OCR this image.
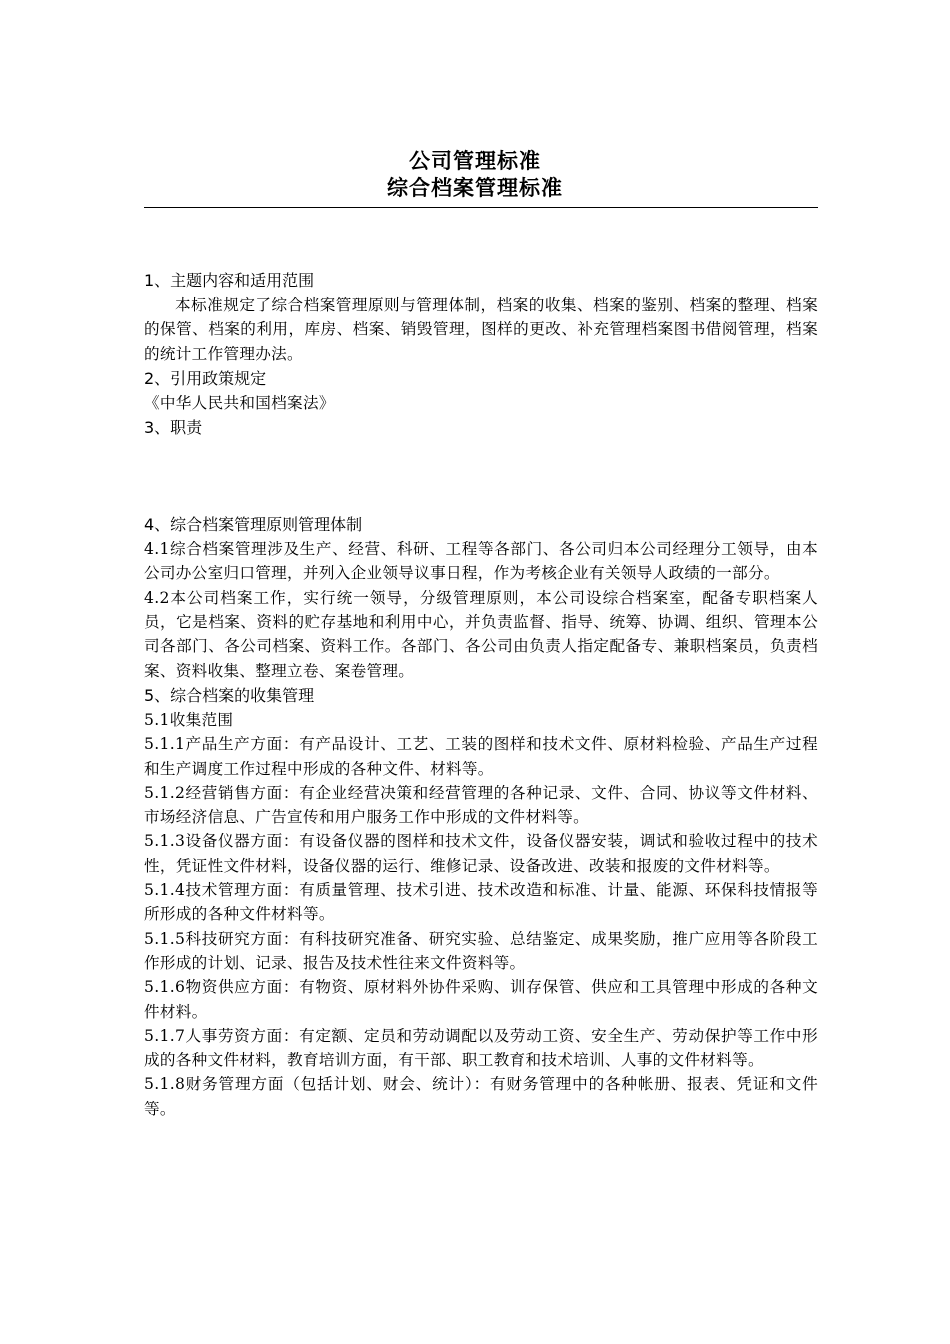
公司管理标准
综合档案管理标准

1、主题内容和适用范围

本标准规定了综合档案管理原则与管理体制，档案的收集、档案的鉴别、档案的整理、档案的保管、档案的利用，库房、档案、销毁管理，图样的更改、补充管理档案图书借阅管理，档案的统计工作管理办法。

2、引用政策规定

《中华人民共和国档案法》

3、职责

4、综合档案管理原则管理体制

4.1综合档案管理涉及生产、经营、科研、工程等各部门、各公司归本公司经理分工领导，由本公司办公室归口管理，并列入企业领导议事日程，作为考核企业有关领导人政绩的一部分。

4.2本公司档案工作，实行统一领导，分级管理原则，本公司设综合档案室，配备专职档案人员，它是档案、资料的贮存基地和利用中心，并负责监督、指导、统筹、协调、组织、管理本公司各部门、各公司档案、资料工作。各部门、各公司由负责人指定配备专、兼职档案员，负责档案、资料收集、整理立卷、案卷管理。

5、综合档案的收集管理

5.1收集范围

5.1.1产品生产方面：有产品设计、工艺、工装的图样和技术文件、原材料检验、产品生产过程和生产调度工作过程中形成的各种文件、材料等。

5.1.2经营销售方面：有企业经营决策和经营管理的各种记录、文件、合同、协议等文件材料、市场经济信息、广告宣传和用户服务工作中形成的文件材料等。

5.1.3设备仪器方面：有设备仪器的图样和技术文件，设备仪器安装，调试和验收过程中的技术性，凭证性文件材料，设备仪器的运行、维修记录、设备改进、改装和报废的文件材料等。

5.1.4技术管理方面：有质量管理、技术引进、技术改造和标准、计量、能源、环保科技情报等所形成的各种文件材料等。

5.1.5科技研究方面：有科技研究准备、研究实验、总结鉴定、成果奖励，推广应用等各阶段工作形成的计划、记录、报告及技术性往来文件资料等。

5.1.6物资供应方面：有物资、原材料外协件采购、训存保管、供应和工具管理中形成的各种文件材料。

5.1.7人事劳资方面：有定额、定员和劳动调配以及劳动工资、安全生产、劳动保护等工作中形成的各种文件材料，教育培训方面，有干部、职工教育和技术培训、人事的文件材料等。

5.1.8财务管理方面（包括计划、财会、统计）：有财务管理中的各种帐册、报表、凭证和文件等。
